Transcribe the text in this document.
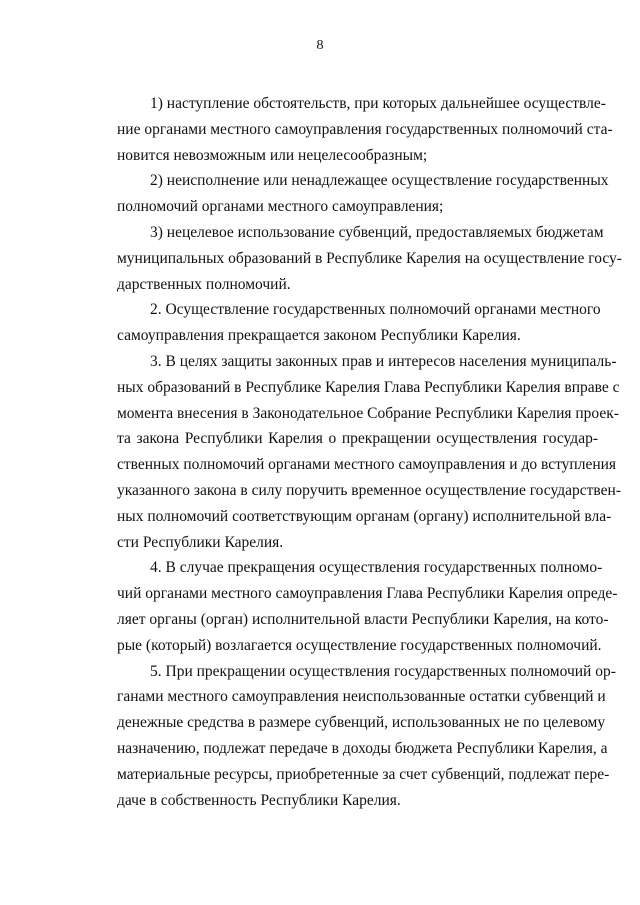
8
1) наступление обстоятельств, при которых дальнейшее осуществле-
ние органами местного самоуправления государственных полномочий ста-
новится невозможным или нецелесообразным;
2) неисполнение или ненадлежащее осуществление государственных
полномочий органами местного самоуправления;
3) нецелевое использование субвенций, предоставляемых бюджетам
муниципальных образований в Республике Карелия на осуществление госу-
дарственных полномочий.
2. Осуществление государственных полномочий органами местного
самоуправления прекращается законом Республики Карелия.
3. В целях защиты законных прав и интересов населения муниципаль-
ных образований в Республике Карелия Глава Республики Карелия вправе с
момента внесения в Законодательное Собрание Республики Карелия проек-
та закона Республики Карелия о прекращении осуществления государ-
ственных полномочий органами местного самоуправления и до вступления
указанного закона в силу поручить временное осуществление государствен-
ных полномочий соответствующим органам (органу) исполнительной вла-
сти Республики Карелия.
4. В случае прекращения осуществления государственных полномо-
чий органами местного самоуправления Глава Республики Карелия опреде-
ляет органы (орган) исполнительной власти Республики Карелия, на кото-
рые (который) возлагается осуществление государственных полномочий.
5. При прекращении осуществления государственных полномочий ор-
ганами местного самоуправления неиспользованные остатки субвенций и
денежные средства в размере субвенций, использованных не по целевому
назначению, подлежат передаче в доходы бюджета Республики Карелия, а
материальные ресурсы, приобретенные за счет субвенций, подлежат пере-
даче в собственность Республики Карелия.
